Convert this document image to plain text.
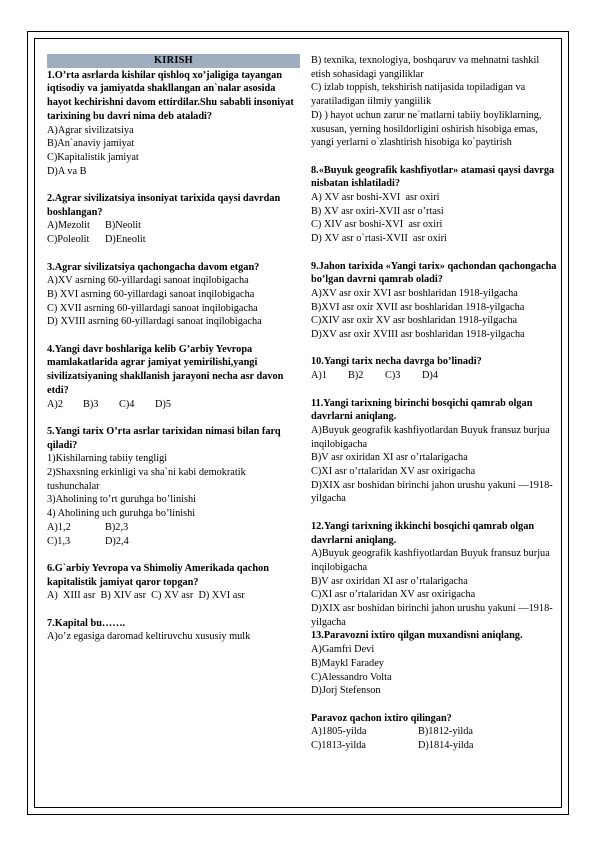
KIRISH
1.O’rta asrlarda kishilar qishloq xo’jaligiga tayangan iqtisodiy va jamiyatda shakllangan an`nalar asosida hayot kechirishni davom ettirdilar.Shu sababli insoniyat tarixining bu davri nima deb ataladi?
A)Agrar sivilizatsiya
B)An`anaviy jamiyat
C)Kapitalistik jamiyat
D)A va B
2.Agrar sivilizatsiya insoniyat tarixida qaysi davrdan boshlangan?
A)Mezolit	B)Neolit
C)Poleolit	D)Eneolit
3.Agrar sivilizatsiya qachongacha davom etgan?
A)XV asrning 60-yillardagi sanoat inqilobigacha
B) XVI asrning 60-yillardagi sanoat inqilobigacha
C) XVII asrning 60-yillardagi sanoat inqilobigacha
D) XVIII asrning 60-yillardagi sanoat inqilobigacha
4.Yangi davr boshlariga kelib G’arbiy Yevropa mamlakatlarida agrar jamiyat yemirilishi,yangi sivilizatsiyaning shakllanish jarayoni necha asr davon etdi?
A)2 B)3 C)4 D)5
5.Yangi tarix O’rta asrlar tarixidan nimasi bilan farq qiladi?
1)Kishilarning tabiiy tengligi
2)Shaxsning erkinligi va sha`ni kabi demokratik tushunchalar
3)Aholining to’rt guruhga bo’linishi
4) Aholining uch guruhga bo’linishi
A)1,2	B)2,3
C)1,3	D)2,4
6.G`arbiy Yevropa va Shimoliy Amerikada qachon kapitalistik jamiyat qaror topgan?
A)  XIII asr  B) XIV asr  C) XV asr  D) XVI asr
7.Kapital bu…….
A)o’z egasiga daromad keltiruvchu xususiy mulk
B) texnika, texnologiya, boshqaruv va mehnatni tashkil etish sohasidagi yangiliklar
C) izlab toppish, tekshirish natijasida topiladigan va  yaratiladigan iilmiy yangiilik
D) ) hayot uchun zarur ne`matlarni tabiiy boyliklarning, xususan, yerning hosildorligini oshirish hisobiga emas, yangi yerlarni o`zlashtirish hisobiga ko`paytirish
8.«Buyuk geografik kashfiyotlar» atamasi qaysi davrga nisbatan ishlatiladi?
A) XV asr boshi-XVI  asr oxiri
B) XV asr oxiri-XVII asr o’rtasi
C) XIV asr boshi-XVI  asr oxiri
D) XV asr o`rtasi-XVII  asr oxiri
9.Jahon tarixida «Yangi tarix» qachondan qachongacha bo’lgan davrni qamrab oladi?
A)XV asr oxir XVI asr boshlaridan 1918-yilgacha
B)XVI asr oxir XVII asr boshlaridan 1918-yilgacha
C)XIV asr oxir XV asr boshlaridan 1918-yilgacha
D)XV asr oxir XVIII asr boshlaridan 1918-yilgacha
10.Yangi tarix necha davrga bo’linadi?
A)1 B)2 C)3 D)4
11.Yangi tarixning birinchi bosqichi qamrab olgan davrlarni aniqlang.
A)Buyuk geografik kashfiyotlardan Buyuk fransuz burjua inqilobigacha
B)V asr oxiridan XI asr o’rtalarigacha
C)XI asr o’rtalaridan XV asr oxirigacha
D)XIX asr boshidan birinchi jahon urushu yakuni —1918-yilgacha
12.Yangi tarixning ikkinchi bosqichi qamrab olgan davrlarni aniqlang.
A)Buyuk geografik kashfiyotlardan Buyuk fransuz burjua inqilobigacha
B)V asr oxiridan XI asr o’rtalarigacha
C)XI asr o’rtalaridan XV asr oxirigacha
D)XIX asr boshidan birinchi jahon urushu yakuni —1918-yilgacha
13.Paravozni ixtiro qilgan muxandisni aniqlang.
A)Gamfri Devi
B)Maykl Faradey
C)Alessandro Volta
D)Jorj Stefenson
Paravoz qachon ixtiro qilingan?
A)1805-yilda	B)1812-yilda
C)1813-yilda	D)1814-yilda
